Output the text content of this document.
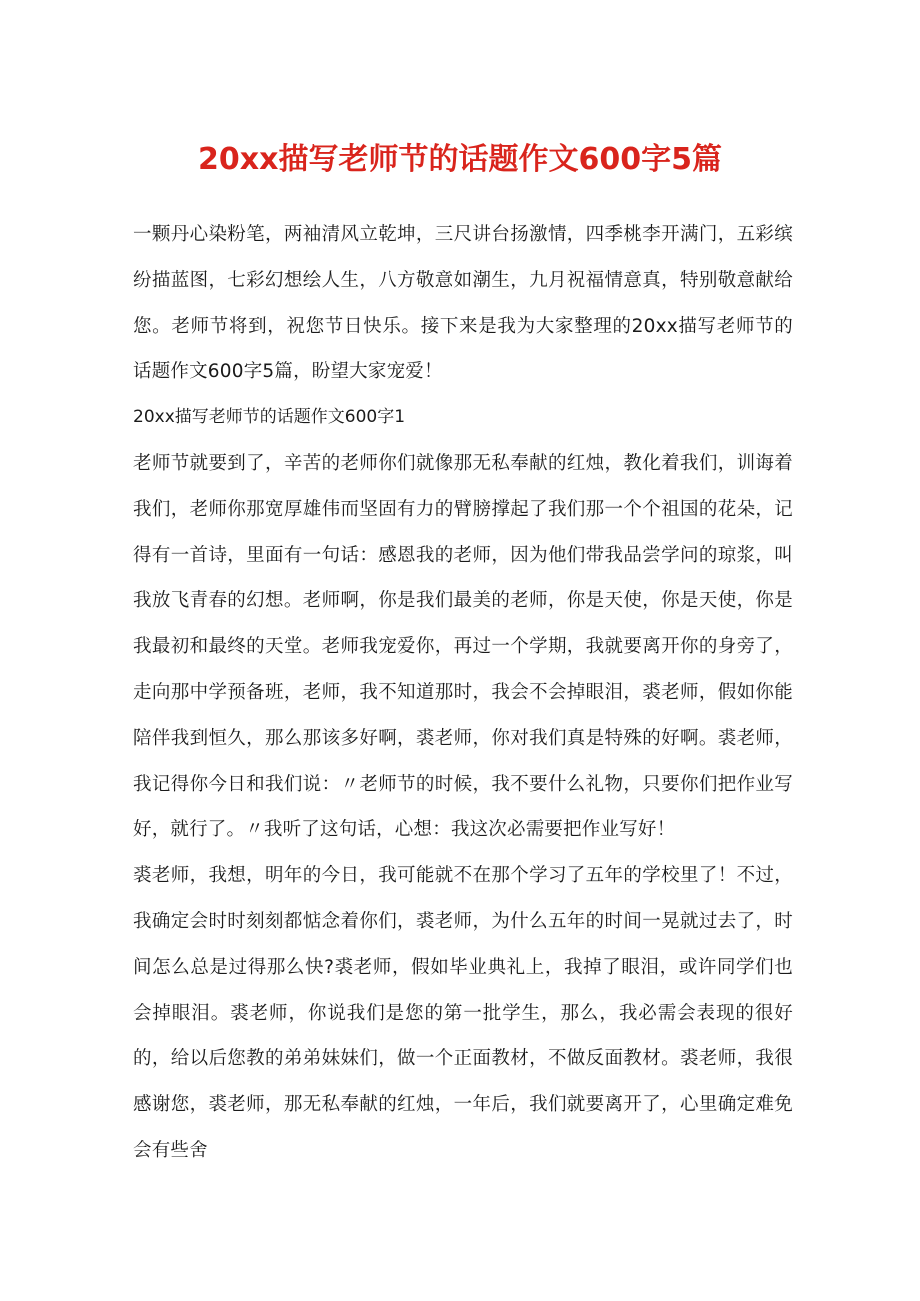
20xx描写老师节的话题作文600字5篇

一颗丹心染粉笔，两袖清风立乾坤，三尺讲台扬激情，四季桃李开满门，五彩缤纷描蓝图，七彩幻想绘人生，八方敬意如潮生，九月祝福情意真，特别敬意献给您。老师节将到，祝您节日快乐。接下来是我为大家整理的20xx描写老师节的话题作文600字5篇，盼望大家宠爱！

20xx描写老师节的话题作文600字1

老师节就要到了，辛苦的老师你们就像那无私奉献的红烛，教化着我们，训诲着我们，老师你那宽厚雄伟而坚固有力的臂膀撑起了我们那一个个祖国的花朵，记得有一首诗，里面有一句话：感恩我的老师，因为他们带我品尝学问的琼浆，叫我放飞青春的幻想。老师啊，你是我们最美的老师，你是天使，你是天使，你是我最初和最终的天堂。老师我宠爱你，再过一个学期，我就要离开你的身旁了，走向那中学预备班，老师，我不知道那时，我会不会掉眼泪，裘老师，假如你能陪伴我到恒久，那么那该多好啊，裘老师，你对我们真是特殊的好啊。裘老师，我记得你今日和我们说：〃老师节的时候，我不要什么礼物，只要你们把作业写好，就行了。〃我听了这句话，心想：我这次必需要把作业写好！

裘老师，我想，明年的今日，我可能就不在那个学习了五年的学校里了！不过，我确定会时时刻刻都惦念着你们，裘老师，为什么五年的时间一晃就过去了，时间怎么总是过得那么快?裘老师，假如毕业典礼上，我掉了眼泪，或许同学们也会掉眼泪。裘老师，你说我们是您的第一批学生，那么，我必需会表现的很好的，给以后您教的弟弟妹妹们，做一个正面教材，不做反面教材。裘老师，我很感谢您，裘老师，那无私奉献的红烛，一年后，我们就要离开了，心里确定难免会有些舍
